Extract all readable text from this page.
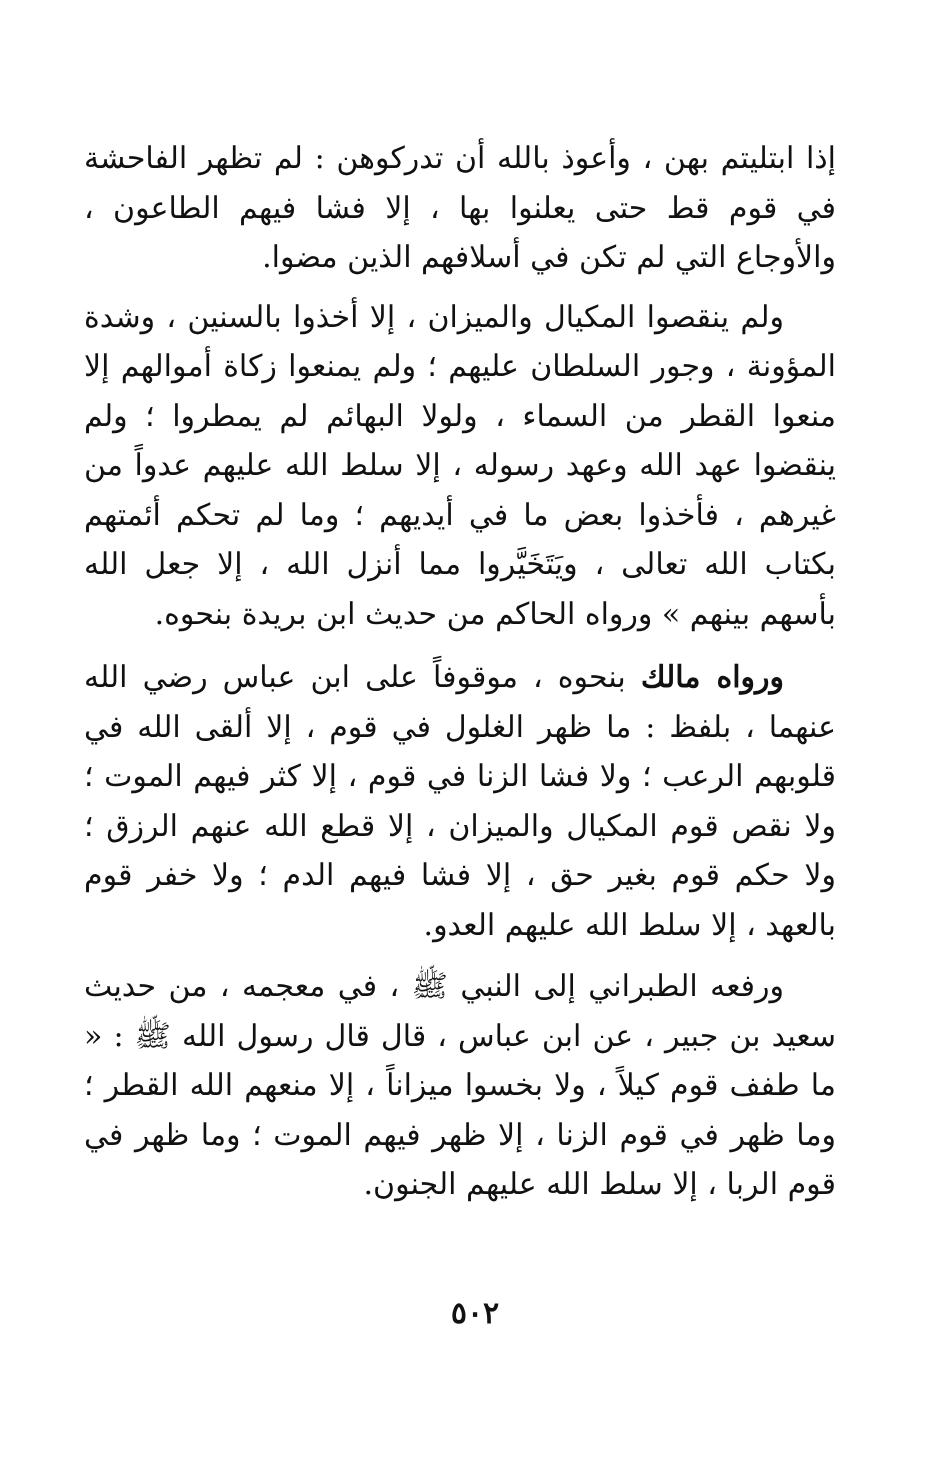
إذا ابتليتم بهن ، وأعوذ بالله أن تدركوهن : لم تظهر الفاحشة في قوم قط حتى يعلنوا بها ، إلا فشا فيهم الطاعون ، والأوجاع التي لم تكن في أسلافهم الذين مضوا.

ولم ينقصوا المكيال والميزان ، إلا أخذوا بالسنين ، وشدة المؤونة ، وجور السلطان عليهم ؛ ولم يمنعوا زكاة أموالهم إلا منعوا القطر من السماء ، ولولا البهائم لم يمطروا ؛ ولم ينقضوا عهد الله وعهد رسوله ، إلا سلط الله عليهم عدواً من غيرهم ، فأخذوا بعض ما في أيديهم ؛ وما لم تحكم أئمتهم بكتاب الله تعالى ، ويَتَخَيَّروا مما أنزل الله ، إلا جعل الله بأسهم بينهم » ورواه الحاكم من حديث ابن بريدة بنحوه.

ورواه مالك بنحوه ، موقوفاً على ابن عباس رضي الله عنهما ، بلفظ : ما ظهر الغلول في قوم ، إلا ألقى الله في قلوبهم الرعب ؛ ولا فشا الزنا في قوم ، إلا كثر فيهم الموت ؛ ولا نقص قوم المكيال والميزان ، إلا قطع الله عنهم الرزق ؛ ولا حكم قوم بغير حق ، إلا فشا فيهم الدم ؛ ولا خفر قوم بالعهد ، إلا سلط الله عليهم العدو.

ورفعه الطبراني إلى النبي ﷺ ، في معجمه ، من حديث سعيد بن جبير ، عن ابن عباس ، قال قال رسول الله ﷺ : « ما طفف قوم كيلاً ، ولا بخسوا ميزاناً ، إلا منعهم الله القطر ؛ وما ظهر في قوم الزنا ، إلا ظهر فيهم الموت ؛ وما ظهر في قوم الربا ، إلا سلط الله عليهم الجنون.

٥٠٢
